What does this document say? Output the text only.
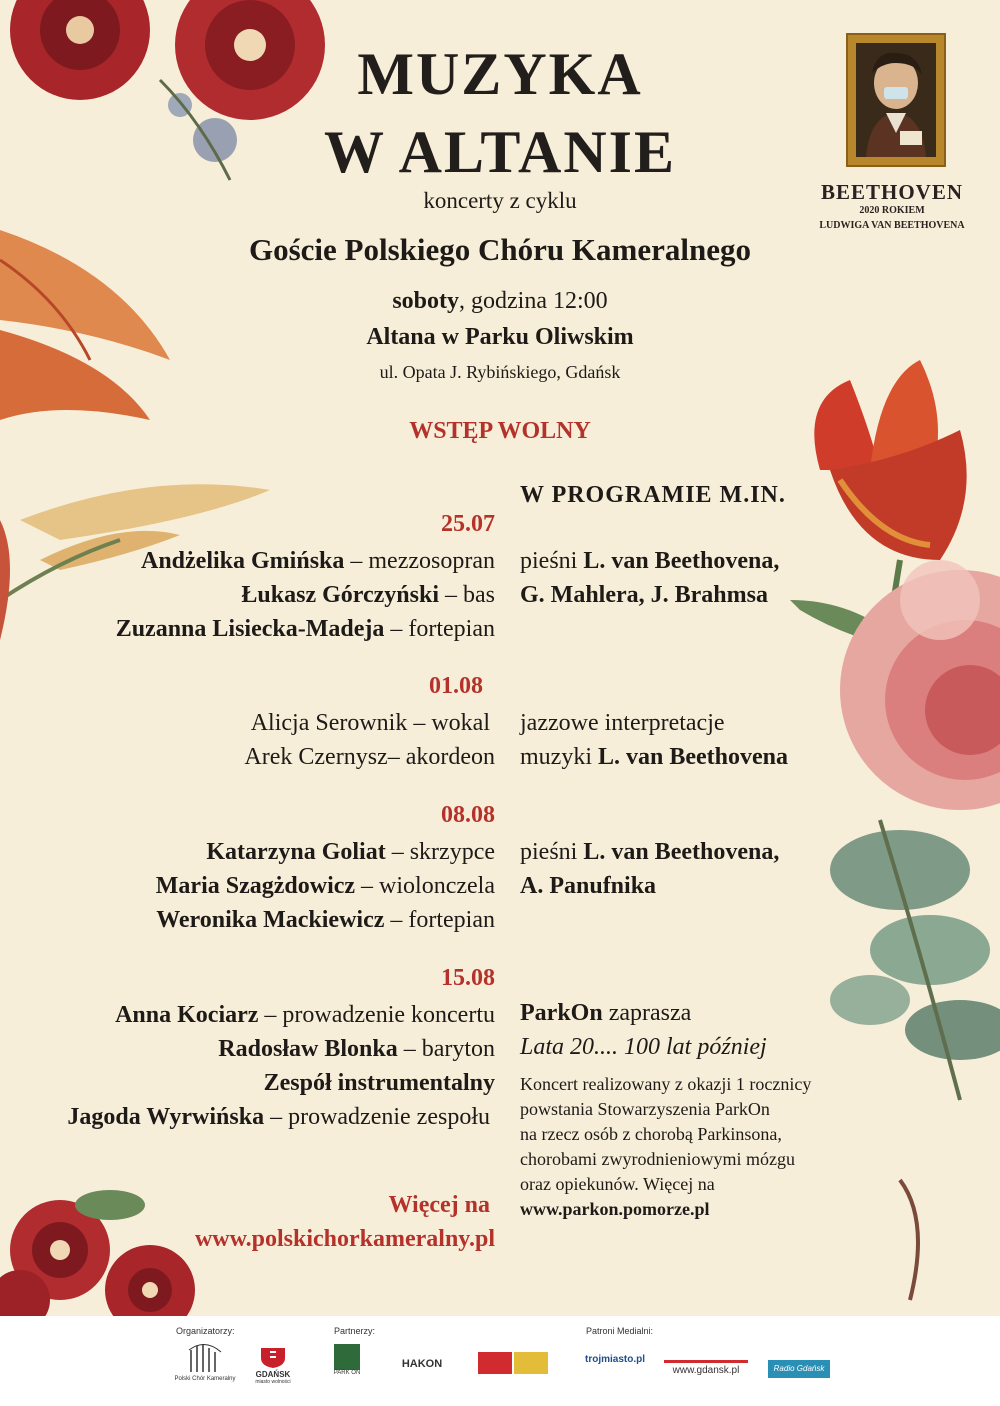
MUZYKA
W ALTANIE
koncerty z cyklu
Goście Polskiego Chóru Kameralnego
soboty, godzina 12:00
Altana w Parku Oliwskim
ul. Opata J. Rybińskiego, Gdańsk
WSTĘP WOLNY
BEETHOVEN
2020 ROKIEM
LUDWIGA VAN BEETHOVENA
W PROGRAMIE M.IN.
25.07
Andżelika Gmińska – mezzosopran
Łukasz Górczyński – bas
Zuzanna Lisiecka-Madeja – fortepian
pieśni L. van Beethovena,
G. Mahlera, J. Brahmsa
01.08
Alicja Serownik – wokal
Arek Czernysz– akordeon
jazzowe interpretacje
muzyki L. van Beethovena
08.08
Katarzyna Goliat – skrzypce
Maria Szagżdowicz – wiolonczela
Weronika Mackiewicz – fortepian
pieśni L. van Beethovena,
A. Panufnika
15.08
Anna Kociarz – prowadzenie koncertu
Radosław Blonka – baryton
Zespół instrumentalny
Jagoda Wyrwińska – prowadzenie zespołu
ParkOn zaprasza
Lata 20.... 100 lat później
Koncert realizowany z okazji 1 rocznicy
powstania Stowarzyszenia ParkOn
na rzecz osób z chorobą Parkinsona,
chorobami zwyrodnieniowymi mózgu
oraz opiekunów. Więcej na
www.parkon.pomorze.pl
Więcej na
www.polskichorkameralny.pl
Organizatorzy:	Partnerzy:	Patroni Medialni:
Polski Chór Kameralny	GDAŃSK
miasto wolności
PARK ON
HAKON	trojmiasto.pl
www.gdansk.pl	Radio Gdańsk
